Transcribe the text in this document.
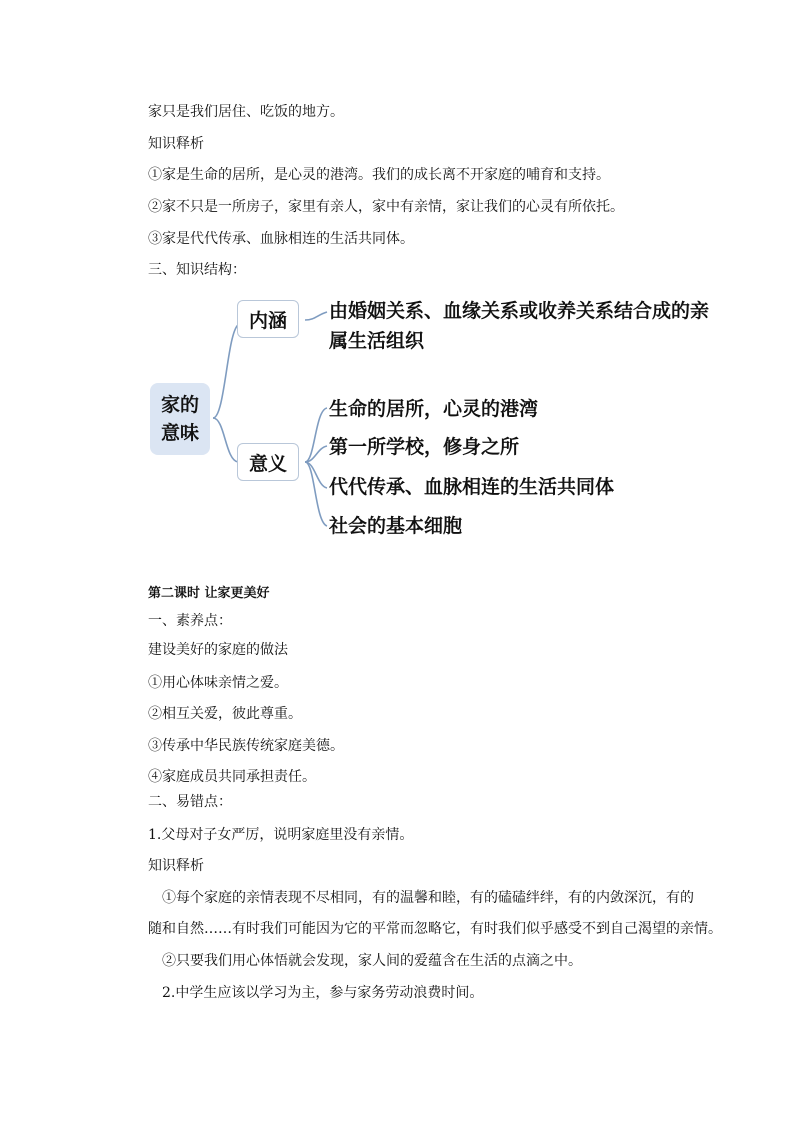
家只是我们居住、吃饭的地方。
知识释析
①家是生命的居所，是心灵的港湾。我们的成长离不开家庭的哺育和支持。
②家不只是一所房子，家里有亲人，家中有亲情，家让我们的心灵有所依托。
③家是代代传承、血脉相连的生活共同体。
三、知识结构：
家的
意味
内涵
意义
由婚姻关系、血缘关系或收养关系结合成的亲
属生活组织
生命的居所，心灵的港湾
第一所学校，修身之所
代代传承、血脉相连的生活共同体
社会的基本细胞
第二课时 让家更美好
一、素养点：
建设美好的家庭的做法
①用心体味亲情之爱。
②相互关爱，彼此尊重。
③传承中华民族传统家庭美德。
④家庭成员共同承担责任。
二、易错点：
1.父母对子女严厉，说明家庭里没有亲情。
知识释析
①每个家庭的亲情表现不尽相同，有的温馨和睦，有的磕磕绊绊，有的内敛深沉，有的
随和自然……有时我们可能因为它的平常而忽略它，有时我们似乎感受不到自己渴望的亲情。
②只要我们用心体悟就会发现，家人间的爱蕴含在生活的点滴之中。
2.中学生应该以学习为主，参与家务劳动浪费时间。
